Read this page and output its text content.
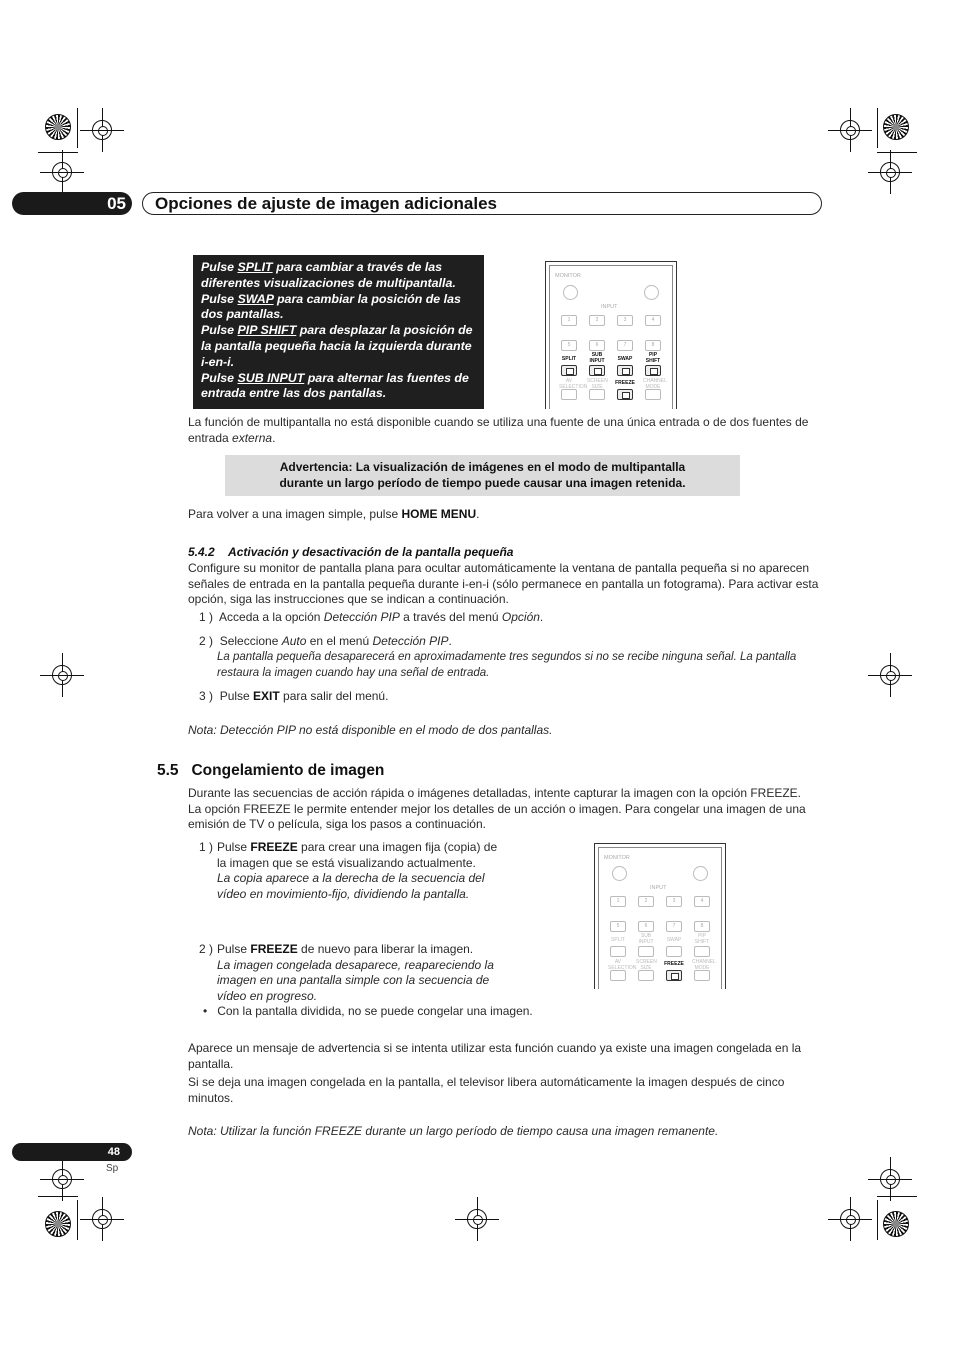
05	Opciones de ajuste de imagen adicionales
Pulse SPLIT para cambiar a través de las diferentes visualizaciones de multipantalla.
Pulse SWAP para cambiar la posición de las dos pantallas.
Pulse PIP SHIFT para desplazar la posición de la pantalla pequeña hacia la izquierda durante i-en-i.
Pulse SUB INPUT para alternar las fuentes de entrada entre las dos pantallas.
MONITOR
INPUT
1	2	3	4
5	6	7	8
SPLIT
SUB INPUT	SWAP
PIP SHIFT
AV SELECTION
SCREEN SIZE
FREEZE CHANNEL MODE
La función de multipantalla no está disponible cuando se utiliza una fuente de una única entrada o de dos fuentes de entrada externa.
Advertencia: La visualización de imágenes en el modo de multipantalla
durante un largo período de tiempo puede causar una imagen retenida.
Para volver a una imagen simple, pulse HOME MENU.
5.4.2 Activación y desactivación de la pantalla pequeña
Configure su monitor de pantalla plana para ocultar automáticamente la ventana de pantalla pequeña si no aparecen señales de entrada en la pantalla pequeña durante i-en-i (sólo permanece en pantalla un fotograma). Para activar esta opción, siga las instrucciones que se indican a continuación.
1 ) Acceda a la opción Detección PIP a través del menú Opción.
2 ) Seleccione Auto en el menú Detección PIP.
La pantalla pequeña desaparecerá en aproximadamente tres segundos si no se recibe ninguna señal. La pantalla restaura la imagen cuando hay una señal de entrada.
3 ) Pulse EXIT para salir del menú.
Nota: Detección PIP no está disponible en el modo de dos pantallas.
5.5 Congelamiento de imagen
Durante las secuencias de acción rápida o imágenes detalladas, intente capturar la imagen con la opción FREEZE. La opción FREEZE le permite entender mejor los detalles de un acción o imagen. Para congelar una imagen de una emisión de TV o película, siga los pasos a continuación.
1 ) Pulse FREEZE para crear una imagen fija (copia) de la imagen que se está visualizando actualmente.
La copia aparece a la derecha de la secuencia del vídeo en movimiento-fijo, dividiendo la pantalla.
2 ) Pulse FREEZE de nuevo para liberar la imagen.
La imagen congelada desaparece, reapareciendo la imagen en una pantalla simple con la secuencia de vídeo en progreso.
•   Con la pantalla dividida, no se puede congelar una imagen.
MONITOR
INPUT
1	2	3	4
5	6	7	8
SPLIT
SUB INPUT	SWAP
PIP SHIFT
AV SELECTION
SCREEN SIZE
FREEZE CHANNEL MODE
Aparece un mensaje de advertencia si se intenta utilizar esta función cuando ya existe una imagen congelada en la pantalla.
Si se deja una imagen congelada en la pantalla, el televisor libera automáticamente la imagen después de cinco minutos.
Nota: Utilizar la función FREEZE durante un largo período de tiempo causa una imagen remanente.
48
Sp
